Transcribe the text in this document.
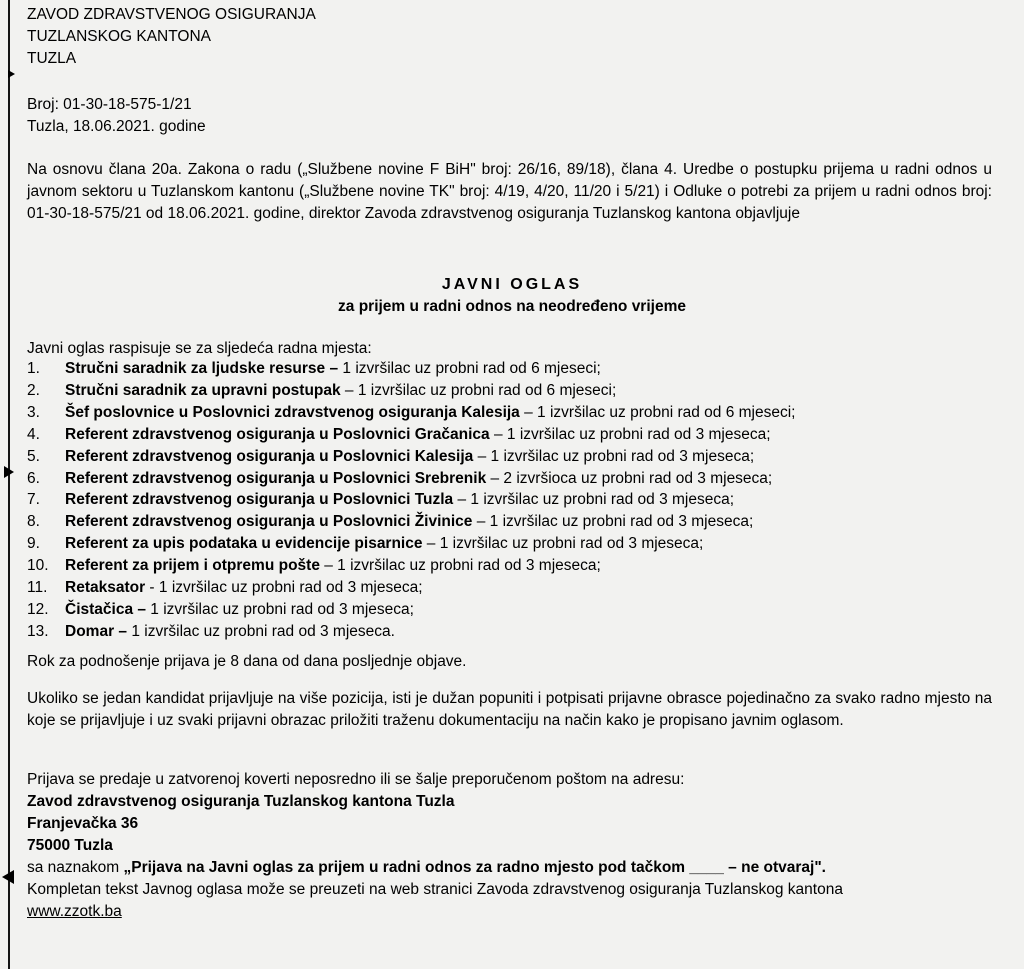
ZAVOD ZDRAVSTVENOG OSIGURANJA
TUZLANSKOG KANTONA
TUZLA
Broj: 01-30-18-575-1/21
Tuzla, 18.06.2021. godine
Na osnovu člana 20a. Zakona o radu („Službene novine F BiH" broj: 26/16, 89/18), člana 4. Uredbe o postupku prijema u radni odnos u javnom sektoru u Tuzlanskom kantonu („Službene novine TK" broj: 4/19, 4/20, 11/20 i 5/21) i Odluke o potrebi za prijem u radni odnos broj: 01-30-18-575/21 od 18.06.2021. godine, direktor Zavoda zdravstvenog osiguranja Tuzlanskog kantona objavljuje
JAVNI OGLAS
za prijem u radni odnos na neodređeno vrijeme
Javni oglas raspisuje se za sljedeća radna mjesta:
1.	Stručni saradnik za ljudske resurse – 1 izvršilac uz probni rad od 6 mjeseci;
2.	Stručni saradnik za upravni postupak – 1 izvršilac uz probni rad od 6 mjeseci;
3.	Šef poslovnice u Poslovnici zdravstvenog osiguranja Kalesija – 1 izvršilac uz probni rad od 6 mjeseci;
4.	Referent zdravstvenog osiguranja u Poslovnici Gračanica – 1 izvršilac uz probni rad od 3 mjeseca;
5.	Referent zdravstvenog osiguranja u Poslovnici Kalesija – 1 izvršilac uz probni rad od 3 mjeseca;
6.	Referent zdravstvenog osiguranja u Poslovnici Srebrenik – 2 izvršioca uz probni rad od 3 mjeseca;
7.	Referent zdravstvenog osiguranja u Poslovnici Tuzla – 1 izvršilac uz probni rad od 3 mjeseca;
8.	Referent zdravstvenog osiguranja u Poslovnici Živinice – 1 izvršilac uz probni rad od 3 mjeseca;
9.	Referent za upis podataka u evidencije pisarnice – 1 izvršilac uz probni rad od 3 mjeseca;
10.	Referent za prijem i otpremu pošte – 1 izvršilac uz probni rad od 3 mjeseca;
11.	Retaksator - 1 izvršilac uz probni rad od 3 mjeseca;
12.	Čistačica – 1 izvršilac uz probni rad od 3 mjeseca;
13.	Domar – 1 izvršilac uz probni rad od 3 mjeseca.
Rok za podnošenje prijava je 8 dana od dana posljednje objave.
Ukoliko se jedan kandidat prijavljuje na više pozicija, isti je dužan popuniti i potpisati prijavne obrasce pojedinačno za svako radno mjesto na koje se prijavljuje i uz svaki prijavni obrazac priložiti traženu dokumentaciju na način kako je propisano javnim oglasom.
Prijava se predaje u zatvorenoj koverti neposredno ili se šalje preporučenom poštom na adresu:
Zavod zdravstvenog osiguranja Tuzlanskog kantona Tuzla
Franjevačka 36
75000 Tuzla
sa naznakom „Prijava na Javni oglas za prijem u radni odnos za radno mjesto pod tačkom ____ – ne otvaraj".
Kompletan tekst Javnog oglasa može se preuzeti na web stranici Zavoda zdravstvenog osiguranja Tuzlanskog kantona
www.zzotk.ba
